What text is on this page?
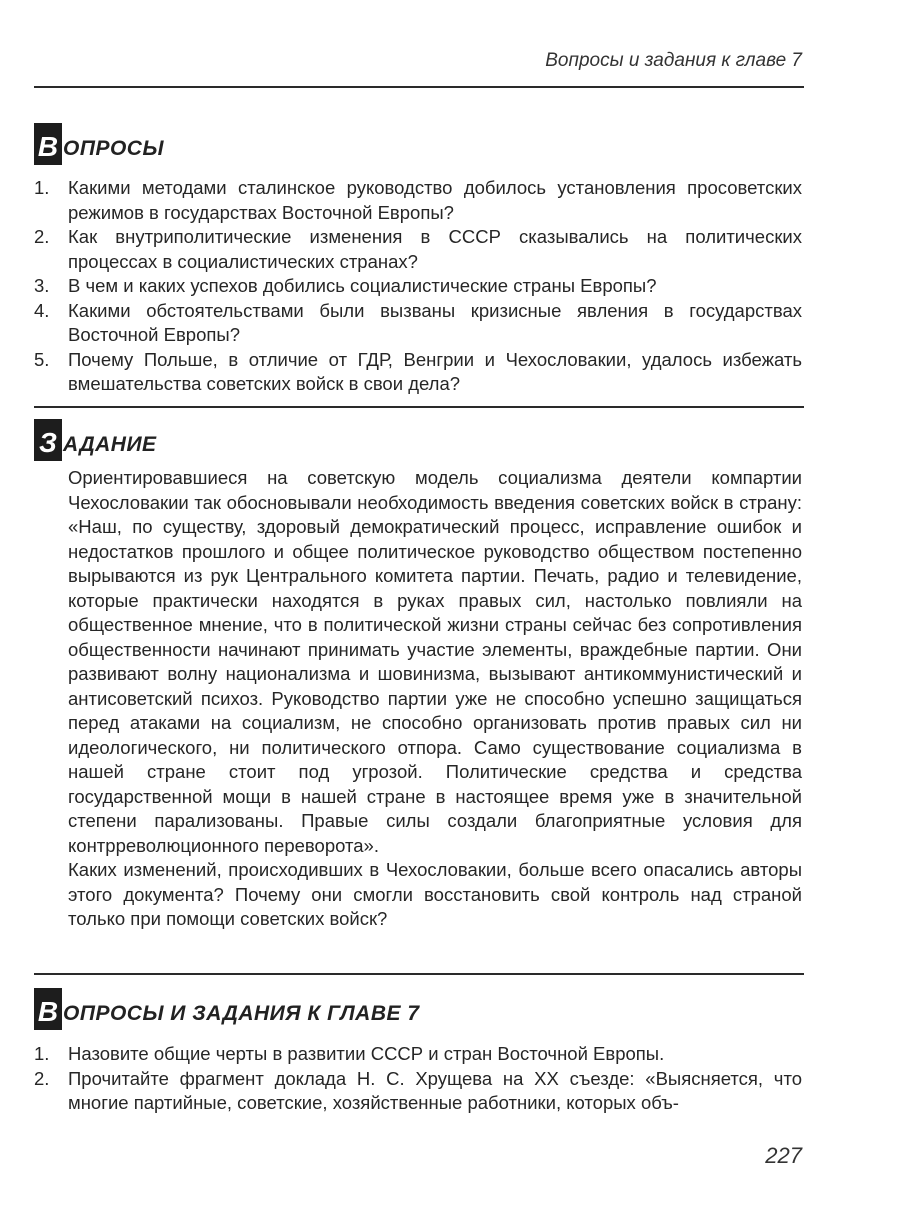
Вопросы и задания к главе 7
В ОПРОСЫ
1.	Какими методами сталинское руководство добилось установления просоветских режимов в государствах Восточной Европы?
2.	Как внутриполитические изменения в СССР сказывались на политических процессах в социалистических странах?
3.	В чем и каких успехов добились социалистические страны Европы?
4.	Какими обстоятельствами были вызваны кризисные явления в государствах Восточной Европы?
5.	Почему Польше, в отличие от ГДР, Венгрии и Чехословакии, удалось избежать вмешательства советских войск в свои дела?
З АДАНИЕ

Ориентировавшиеся на советскую модель социализма деятели компартии Чехословакии так обосновывали необходимость введения советских войск в страну: «Наш, по существу, здоровый демократический процесс, исправление ошибок и недостатков прошлого и общее политическое руководство обществом постепенно вырываются из рук Центрального комитета партии. Печать, радио и телевидение, которые практически находятся в руках правых сил, настолько повлияли на общественное мнение, что в политической жизни страны сейчас без сопротивления общественности начинают принимать участие элементы, враждебные партии. Они развивают волну национализма и шовинизма, вызывают антикоммунистический и антисоветский психоз. Руководство партии уже не способно успешно защищаться перед атаками на социализм, не способно организовать против правых сил ни идеологического, ни политического отпора. Само существование социализма в нашей стране стоит под угрозой. Политические средства и средства государственной мощи в нашей стране в настоящее время уже в значительной степени парализованы. Правые силы создали благоприятные условия для контрреволюционного переворота».

Каких изменений, происходивших в Чехословакии, больше всего опасались авторы этого документа? Почему они смогли восстановить свой контроль над страной только при помощи советских войск?

В ОПРОСЫ И ЗАДАНИЯ К ГЛАВЕ 7
1.	Назовите общие черты в развитии СССР и стран Восточной Европы.
2.	Прочитайте фрагмент доклада Н. С. Хрущева на XX съезде: «Выясняется, что многие партийные, советские, хозяйственные работники, которых объ-
227
